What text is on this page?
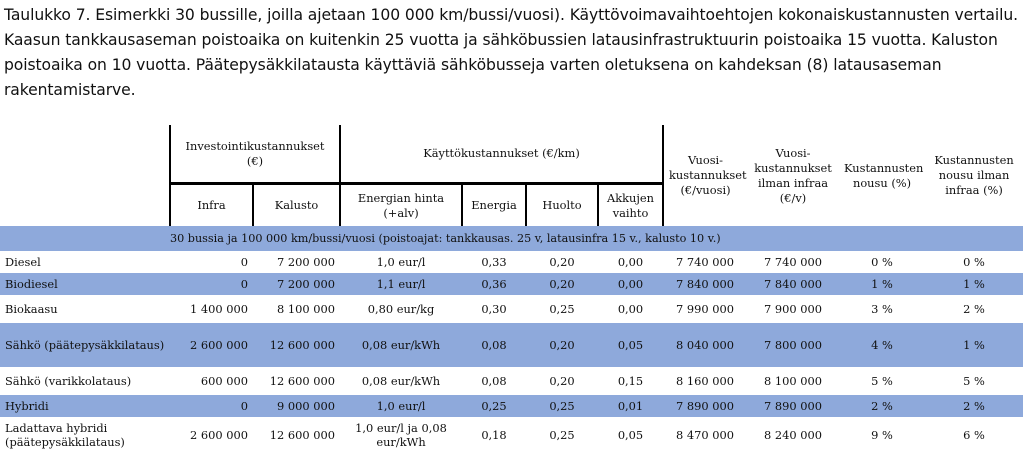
Taulukko 7. Esimerkki 30 bussille, joilla ajetaan 100 000 km/bussi/vuosi). Käyttövoimavaihtoehtojen kokonaiskustannusten vertailu. Kaasun tankkausaseman poistoaika on kuitenkin 25 vuotta ja sähköbussien latausinfrastruktuurin poistoaika 15 vuotta. Kaluston poistoaika on 10 vuotta. Päätepysäkkilatausta käyttäviä sähköbusseja varten oletuksena on kahdeksan (8) latausaseman rakentamistarve.
	Investointikustannukset (€)		Käyttökustannukset (€/km)				Vuosi-kustannukset (€/vuosi)	Vuosi-kustannukset ilman infraa (€/v)	Kustannusten nousu (%)	Kustannusten nousu ilman infraa (%)
	Infra	Kalusto	Energian hinta (+alv)	Energia	Huolto	Akkujen vaihto				
30 bussia ja 100 000 km/bussi/vuosi (poistoajat: tankkausas. 25 v, latausinfra 15 v., kalusto 10 v.)										
Diesel	0	7 200 000	1,0 eur/l	0,33	0,20	0,00	7 740 000	7 740 000	0 %	0 %
Biodiesel	0	7 200 000	1,1 eur/l	0,36	0,20	0,00	7 840 000	7 840 000	1 %	1 %
Biokaasu	1 400 000	8 100 000	0,80 eur/kg	0,30	0,25	0,00	7 990 000	7 900 000	3 %	2 %
Sähkö (päätepysäkkilataus)	2 600 000	12 600 000	0,08 eur/kWh	0,08	0,20	0,05	8 040 000	7 800 000	4 %	1 %
Sähkö (varikkolataus)	600 000	12 600 000	0,08 eur/kWh	0,08	0,20	0,15	8 160 000	8 100 000	5 %	5 %
Hybridi	0	9 000 000	1,0 eur/l	0,25	0,25	0,01	7 890 000	7 890 000	2 %	2 %
Ladattava hybridi (päätepysäkkilataus)	2 600 000	12 600 000	1,0 eur/l ja 0,08 eur/kWh	0,18	0,25	0,05	8 470 000	8 240 000	9 %	6 %
